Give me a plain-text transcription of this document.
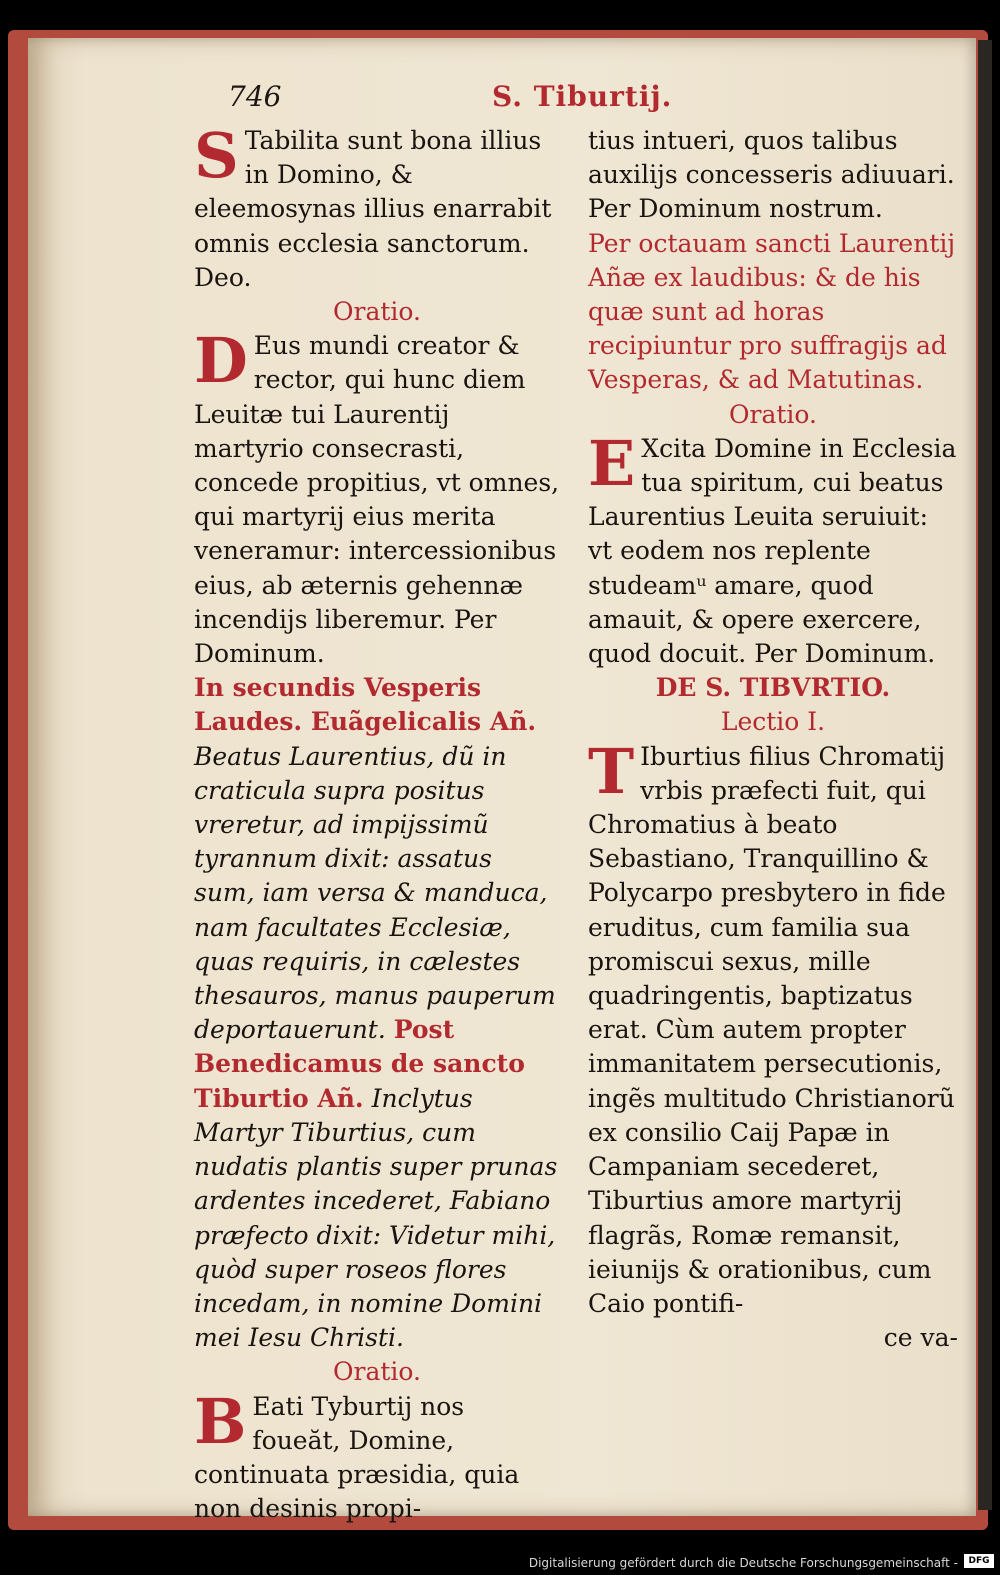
746	S. Tiburtij.

S Tabilita sunt bona illius in Domino, & eleemosynas illius enarrabit omnis ecclesia sanctorum. Deo.

Oratio.

D Eus mundi creator & rector, qui hunc diem Leuitæ tui Laurentij martyrio consecrasti, concede propitius, vt omnes, qui martyrij eius merita veneramur: intercessionibus eius, ab æternis gehennæ incendijs liberemur. Per Dominum.

In secundis Vesperis Laudes. Euãgelicalis Añ. Beatus Laurentius, dũ in craticula supra positus vreretur, ad impijssimũ tyrannum dixit: assatus sum, iam versa & manduca, nam facultates Ecclesiæ, quas requiris, in cælestes thesauros, manus pauperum deportauerunt. Post Benedicamus de sancto Tiburtio Añ. Inclytus Martyr Tiburtius, cum nudatis plantis super prunas ardentes incederet, Fabiano præfecto dixit: Videtur mihi, quòd super roseos flores incedam, in nomine Domini mei Iesu Christi.

Oratio.

B Eati Tyburtij nos foueăt, Domine, continuata præsidia, quia non desinis propi-

tius intueri, quos talibus auxilijs concesseris adiuuari. Per Dominum nostrum.

Per octauam sancti Laurentij Añæ ex laudibus: & de his quæ sunt ad horas recipiuntur pro suffragijs ad Vesperas, & ad Matutinas.

Oratio.

E Xcita Domine in Ecclesia tua spiritum, cui beatus Laurentius Leuita seruiuit: vt eodem nos replente studeamᵘ amare, quod amauit, & opere exercere, quod docuit. Per Dominum.

DE S. TIBVRTIO.

Lectio I.

T Iburtius filius Chromatij vrbis præfecti fuit, qui Chromatius à beato Sebastiano, Tranquillino & Polycarpo presbytero in fide eruditus, cum familia sua promiscui sexus, mille quadringentis, baptizatus erat. Cùm autem propter immanitatem persecutionis, ingẽs multitudo Christianorũ ex consilio Caij Papæ in Campaniam secederet, Tiburtius amore martyrij flagrãs, Romæ remansit, ieiunijs & orationibus, cum Caio pontifi-

ce va-

Digitalisierung gefördert durch die Deutsche Forschungsgemeinschaft -	DFG
